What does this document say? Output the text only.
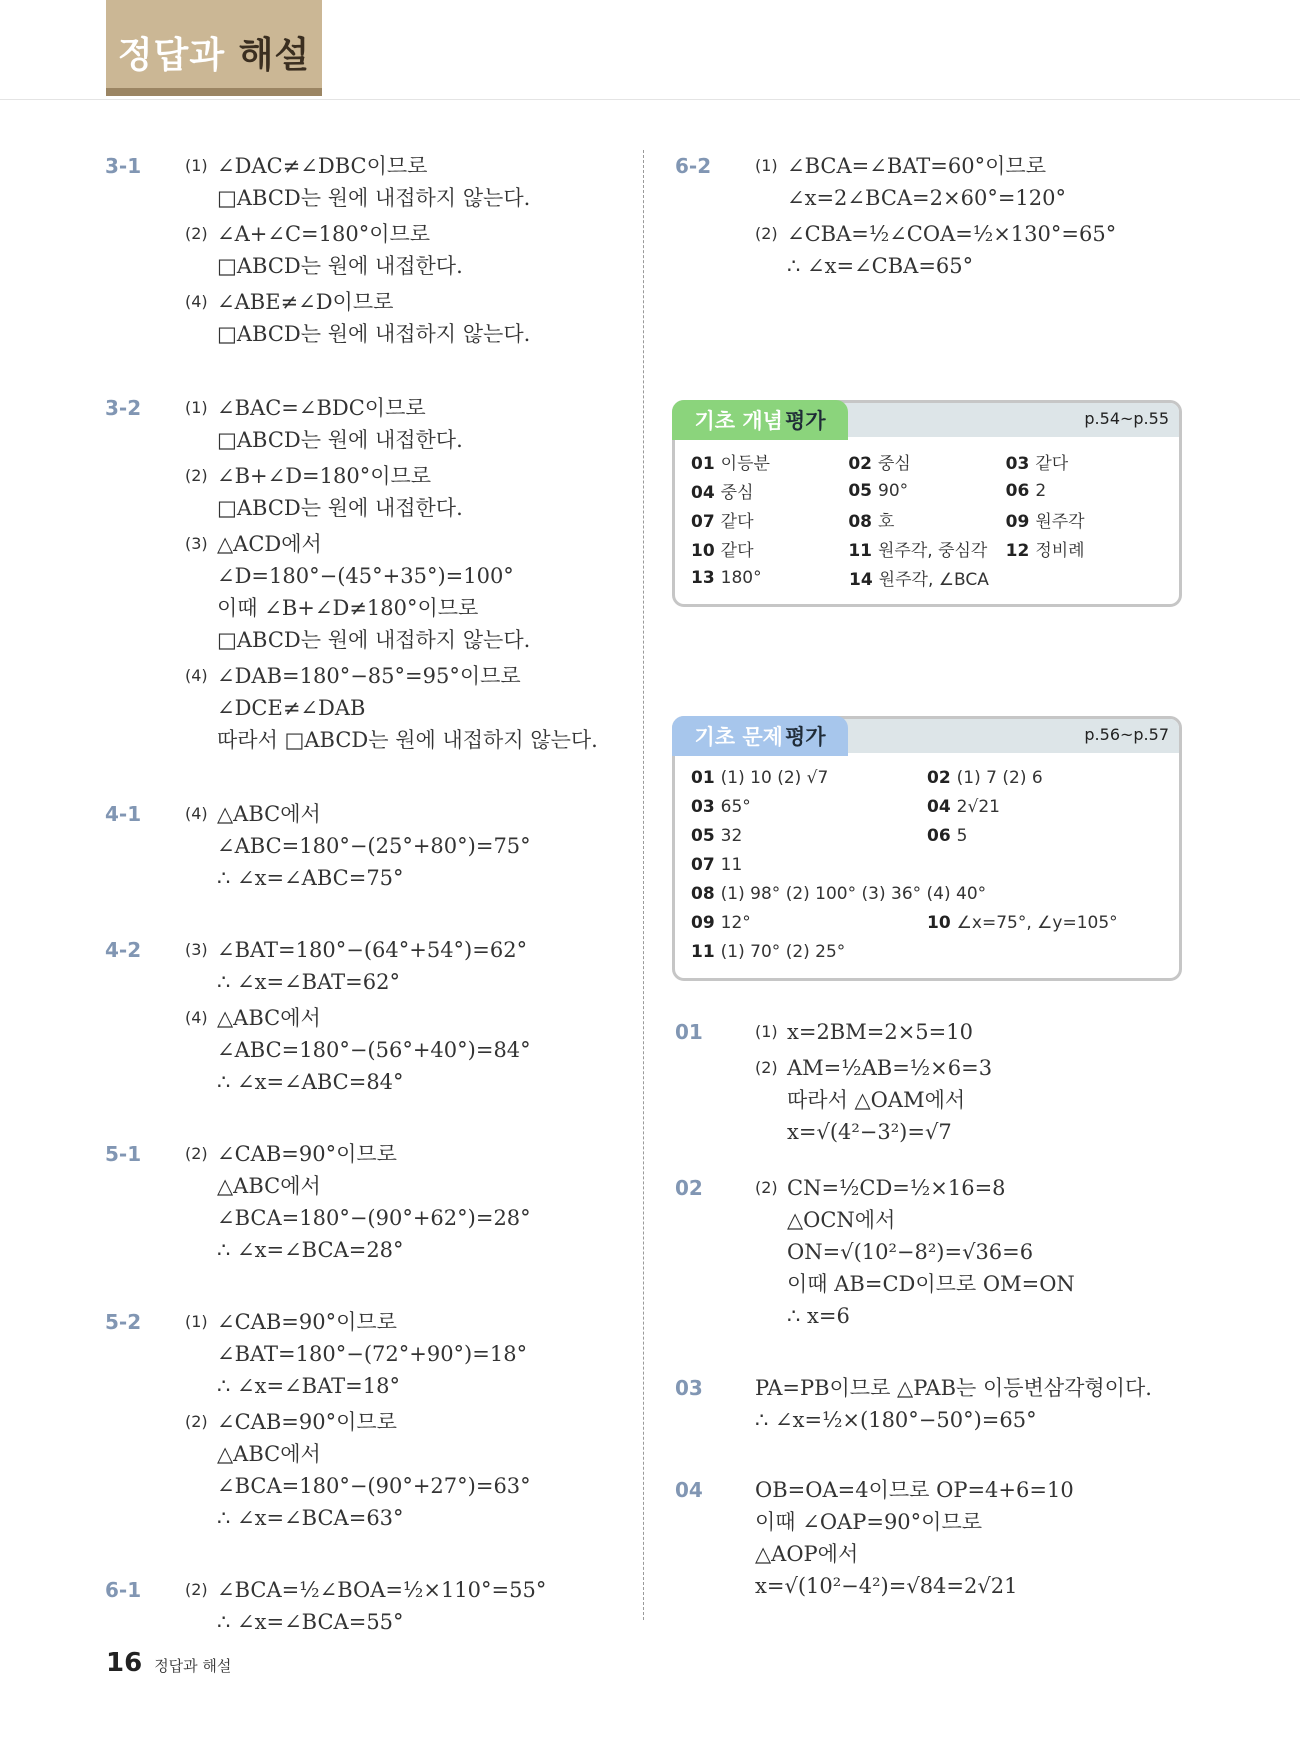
정답과 해설
3-1	(1) ∠DAC≠∠DBC이므로
□ABCD는 원에 내접하지 않는다.
(2) ∠A+∠C=180°이므로
□ABCD는 원에 내접한다.
(4) ∠ABE≠∠D이므로
□ABCD는 원에 내접하지 않는다.
3-2	(1) ∠BAC=∠BDC이므로
□ABCD는 원에 내접한다.
(2) ∠B+∠D=180°이므로
□ABCD는 원에 내접한다.
(3) △ACD에서
∠D=180°−(45°+35°)=100°
이때 ∠B+∠D≠180°이므로
□ABCD는 원에 내접하지 않는다.
(4) ∠DAB=180°−85°=95°이므로
∠DCE≠∠DAB
따라서 □ABCD는 원에 내접하지 않는다.
4-1	(4) △ABC에서
∠ABC=180°−(25°+80°)=75°
∴ ∠x=∠ABC=75°
4-2	(3) ∠BAT=180°−(64°+54°)=62°
∴ ∠x=∠BAT=62°
(4) △ABC에서
∠ABC=180°−(56°+40°)=84°
∴ ∠x=∠ABC=84°
5-1	(2) ∠CAB=90°이므로
△ABC에서
∠BCA=180°−(90°+62°)=28°
∴ ∠x=∠BCA=28°
5-2	(1) ∠CAB=90°이므로
∠BAT=180°−(72°+90°)=18°
∴ ∠x=∠BAT=18°
(2) ∠CAB=90°이므로
△ABC에서
∠BCA=180°−(90°+27°)=63°
∴ ∠x=∠BCA=63°
6-1	(2) ∠BCA=½∠BOA=½×110°=55°
∴ ∠x=∠BCA=55°
6-2	(1) ∠BCA=∠BAT=60°이므로
∠x=2∠BCA=2×60°=120°
(2) ∠CBA=½∠COA=½×130°=65°
∴ ∠x=∠CBA=65°
기초 개념 평가	p.54~p.55
01 이등분	02 중심	03 같다
04 중심	05 90°	06 2
07 같다	08 호	09 원주각
10 같다	11 원주각, 중심각	12 정비례
13 180°	14 원주각, ∠BCA
기초 문제 평가	p.56~p.57
01 (1) 10 (2) √7	02 (1) 7 (2) 6
03 65°	04 2√21
05 32	06 5
07 11
08 (1) 98° (2) 100° (3) 36° (4) 40°
09 12°	10 ∠x=75°, ∠y=105°
11 (1) 70° (2) 25°
01	(1) x=2BM=2×5=10
(2) AM=½AB=½×6=3
따라서 △OAM에서
x=√(4²−3²)=√7
02	(2) CN=½CD=½×16=8
△OCN에서
ON=√(10²−8²)=√36=6
이때 AB=CD이므로 OM=ON
∴ x=6
03 PA=PB이므로 △PAB는 이등변삼각형이다.
∴ ∠x=½×(180°−50°)=65°
04 OB=OA=4이므로 OP=4+6=10
이때 ∠OAP=90°이므로
△AOP에서
x=√(10²−4²)=√84=2√21
16 정답과 해설
